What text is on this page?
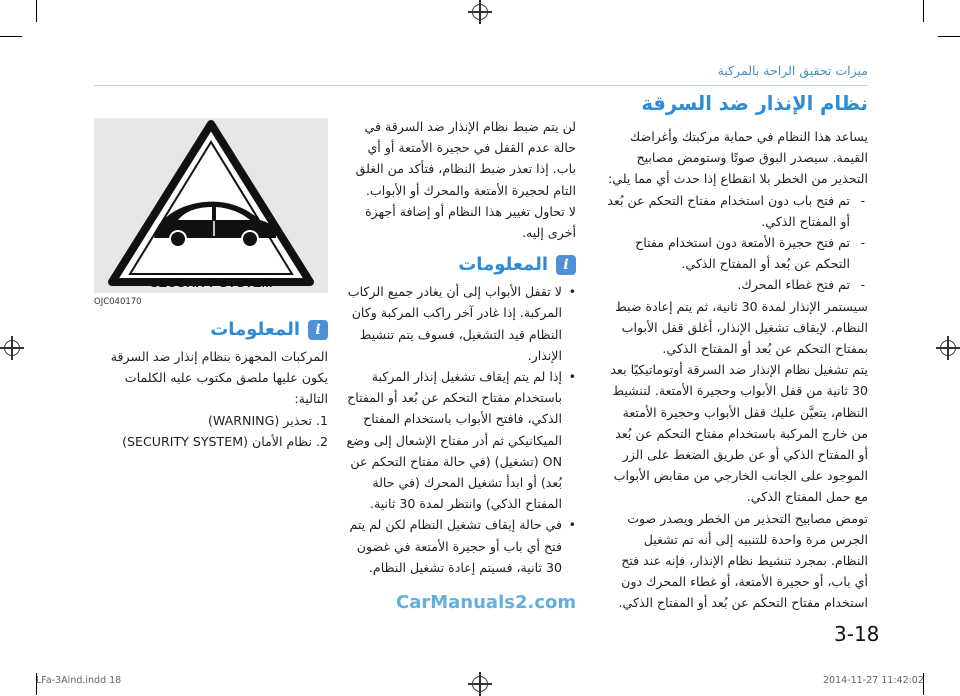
ميزات تحقيق الراحة بالمركبة
نظام الإنذار ضد السرقة

يساعد هذا النظام في حماية مركبتك وأغراضك القيمة. سيصدر البوق صوتًا وستومض مصابيح التحذير من الخطر بلا انقطاع إذا حدث أي مما يلي:

- تم فتح باب دون استخدام مفتاح التحكم عن بُعد أو المفتاح الذكي.
- تم فتح حجيرة الأمتعة دون استخدام مفتاح التحكم عن بُعد أو المفتاح الذكي.
- تم فتح غطاء المحرك.

سيستمر الإنذار لمدة 30 ثانية، ثم يتم إعادة ضبط النظام. لإيقاف تشغيل الإنذار، أغلق قفل الأبواب بمفتاح التحكم عن بُعد أو المفتاح الذكي.

يتم تشغيل نظام الإنذار ضد السرقة أوتوماتيكيًا بعد 30 ثانية من قفل الأبواب وحجيرة الأمتعة. لتنشيط النظام، يتعيَّن عليك قفل الأبواب وحجيرة الأمتعة من خارج المركبة باستخدام مفتاح التحكم عن بُعد أو المفتاح الذكي أو عن طريق الضغط على الزر الموجود على الجانب الخارجي من مقابض الأبواب مع حمل المفتاح الذكي.

تومض مصابيح التحذير من الخطر ويصدر صوت الجرس مرة واحدة للتنبيه إلى أنه تم تشغيل النظام. بمجرد تنشيط نظام الإنذار، فإنه عند فتح أي باب، أو حجيرة الأمتعة، أو غطاء المحرك دون استخدام مفتاح التحكم عن بُعد أو المفتاح الذكي.

لن يتم ضبط نظام الإنذار ضد السرقة في حالة عدم القفل في حجيرة الأمتعة أو أي باب. إذا تعذر ضبط النظام، فتأكد من الغلق التام لحجيرة الأمتعة والمحرك أو الأبواب.

لا تحاول تغيير هذا النظام أو إضافة أجهزة أخرى إليه.

i
المعلومات
• لا تقفل الأبواب إلى أن يغادر جميع الركاب المركبة. إذا غادر آخر راكب المركبة وكان النظام قيد التشغيل، فسوف يتم تنشيط الإنذار.
• إذا لم يتم إيقاف تشغيل إنذار المركبة باستخدام مفتاح التحكم عن بُعد أو المفتاح الذكي، فافتح الأبواب باستخدام المفتاح الميكانيكي ثم أدر مفتاح الإشعال إلى وضع ON (تشغيل) (في حالة مفتاح التحكم عن بُعد) أو ابدأ تشغيل المحرك (في حالة المفتاح الذكي) وانتظر لمدة 30 ثانية.
• في حالة إيقاف تشغيل النظام لكن لم يتم فتح أي باب أو حجيرة الأمتعة في غضون 30 ثانية، فسيتم إعادة تشغيل النظام.
WARNING
SECURITY SYSTEM
OJC040170
i
المعلومات

المركبات المجهزة بنظام إنذار ضد السرقة يكون عليها ملصق مكتوب عليه الكلمات التالية:

1. تحذير (WARNING)

2. نظام الأمان (SECURITY SYSTEM)

CarManuals2.com
3-18
LFa-3Aind.indd 18	2014-11-27 11:42:02
